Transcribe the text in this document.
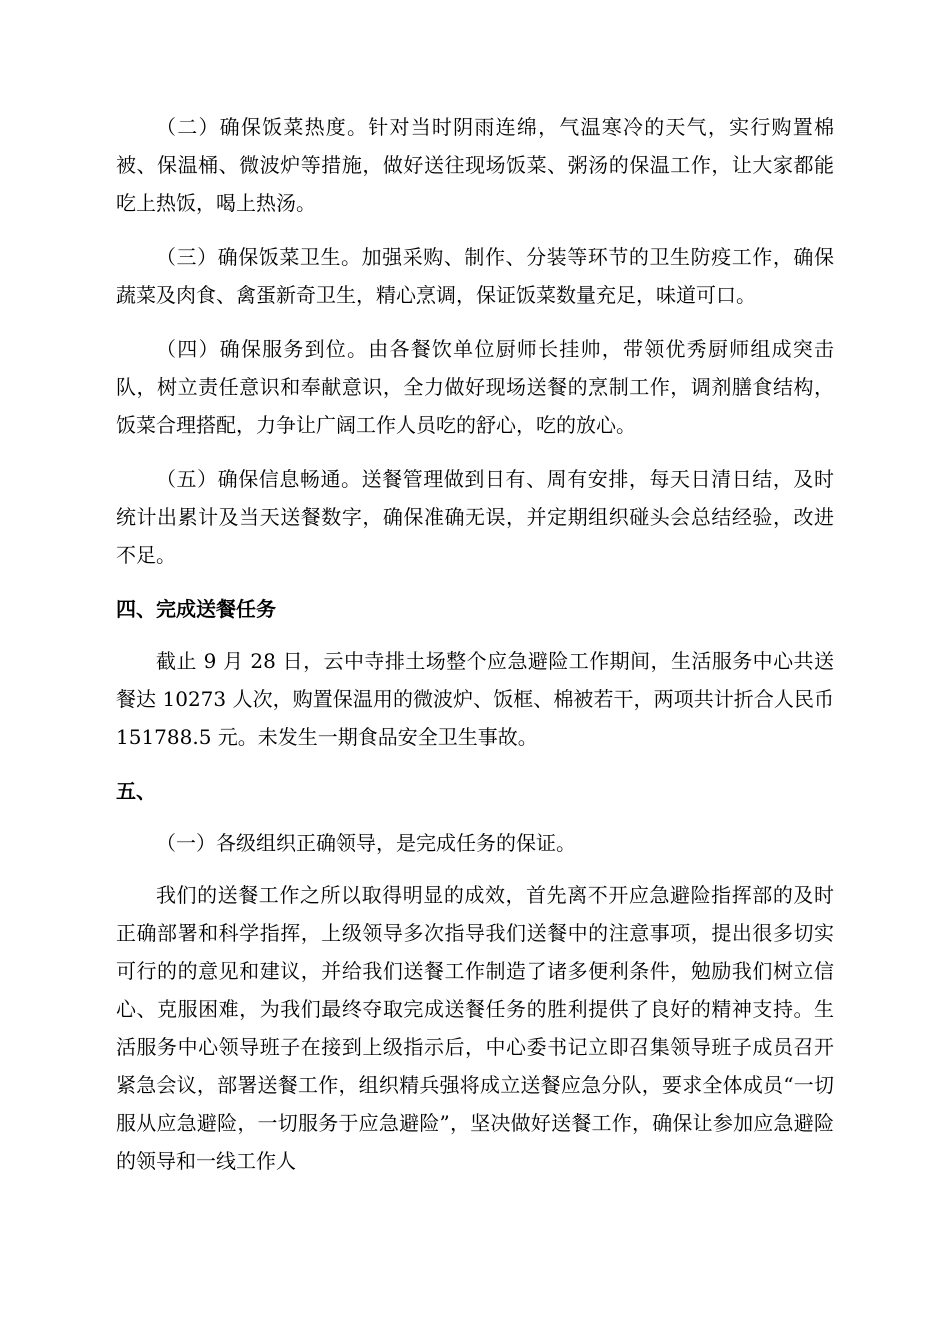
（二）确保饭菜热度。针对当时阴雨连绵，气温寒冷的天气，实行购置棉被、保温桶、微波炉等措施，做好送往现场饭菜、粥汤的保温工作，让大家都能吃上热饭，喝上热汤。

（三）确保饭菜卫生。加强采购、制作、分装等环节的卫生防疫工作，确保蔬菜及肉食、禽蛋新奇卫生，精心烹调，保证饭菜数量充足，味道可口。

（四）确保服务到位。由各餐饮单位厨师长挂帅，带领优秀厨师组成突击队，树立责任意识和奉献意识，全力做好现场送餐的烹制工作，调剂膳食结构，饭菜合理搭配，力争让广阔工作人员吃的舒心，吃的放心。

（五）确保信息畅通。送餐管理做到日有、周有安排，每天日清日结，及时统计出累计及当天送餐数字，确保准确无误，并定期组织碰头会总结经验，改进不足。

四、完成送餐任务

截止 9 月 28 日，云中寺排土场整个应急避险工作期间，生活服务中心共送餐达 10273 人次，购置保温用的微波炉、饭框、棉被若干，两项共计折合人民币 151788.5 元。未发生一期食品安全卫生事故。

五、

（一）各级组织正确领导，是完成任务的保证。

我们的送餐工作之所以取得明显的成效，首先离不开应急避险指挥部的及时正确部署和科学指挥，上级领导多次指导我们送餐中的注意事项，提出很多切实可行的的意见和建议，并给我们送餐工作制造了诸多便利条件，勉励我们树立信心、克服困难，为我们最终夺取完成送餐任务的胜利提供了良好的精神支持。生活服务中心领导班子在接到上级指示后，中心委书记立即召集领导班子成员召开紧急会议，部署送餐工作，组织精兵强将成立送餐应急分队，要求全体成员“一切服从应急避险，一切服务于应急避险”，坚决做好送餐工作，确保让参加应急避险的领导和一线工作人
